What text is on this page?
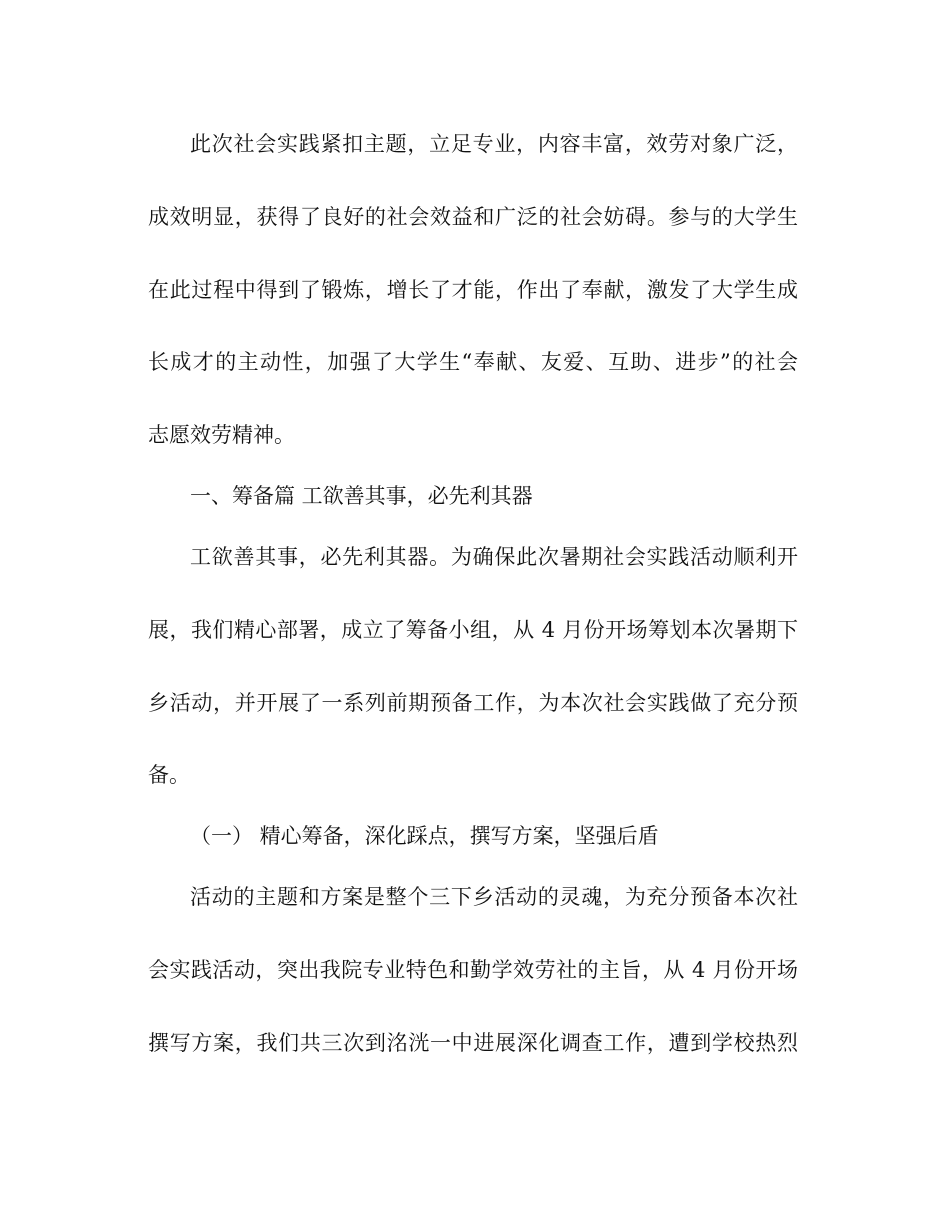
此次社会实践紧扣主题，立足专业，内容丰富，效劳对象广泛，
成效明显，获得了良好的社会效益和广泛的社会妨碍。参与的大学生
在此过程中得到了锻炼，增长了才能，作出了奉献，激发了大学生成
长成才的主动性，加强了大学生“奉献、友爱、互助、进步”的社会
志愿效劳精神。
一、筹备篇 工欲善其事，必先利其器
工欲善其事，必先利其器。为确保此次暑期社会实践活动顺利开
展，我们精心部署，成立了筹备小组，从 4 月份开场筹划本次暑期下
乡活动，并开展了一系列前期预备工作，为本次社会实践做了充分预
备。
（一） 精心筹备，深化踩点，撰写方案，坚强后盾
活动的主题和方案是整个三下乡活动的灵魂，为充分预备本次社
会实践活动，突出我院专业特色和勤学效劳社的主旨，从 4 月份开场
撰写方案，我们共三次到洺洸一中进展深化调查工作，遭到学校热烈
